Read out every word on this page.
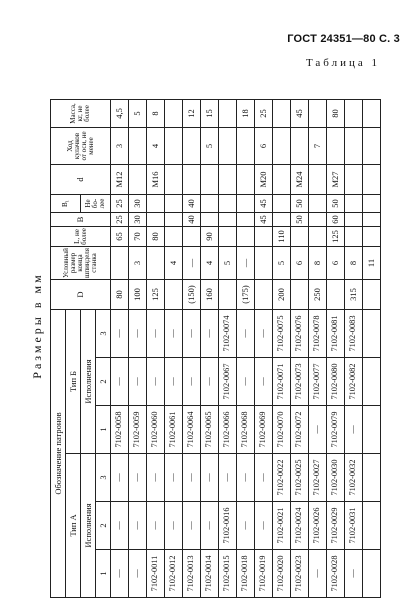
ГОСТ 24351—80 С. 3
Размеры в мм
Обозначение патронов						D	Условный размер конца шпинделя станка	L, не более	B	B₁	d	Ход кулачков от оси, не менее	Масса, кг, не более
Тип А			Тип Б										
Исполнения			Исполнения							Не бо-лее			
1	2	3	1	2	3								
—	—	—	7102-0058	—	—	80		65	25	25	M12	3	4,5
—	—	—	7102-0059	—	—	100	3	70	30	30			5
7102-0011	—	—	7102-0060	—	—	125		80			M16	4	8
7102-0012	—	—	7102-0061	—	—		4						
7102-0013	—	—	7102-0064	—	—	(150)	—		40	40			12
7102-0014	—	—	7102-0065	—	—	160	4	90				5	15
7102-0015	7102-0016	—	7102-0066	7102-0067	7102-0074		5						
7102-0018	—	—	7102-0068	—	—	(175)	—						18
7102-0019	—	—	7102-0069	—	—				45	45	M20	6	25
7102-0020	7102-0021	7102-0022	7102-0070	7102-0071	7102-0075	200	5	110					
7102-0023	7102-0024	7102-0025	7102-0072	7102-0073	7102-0076		6		50	50	M24		45
—	7102-0026	7102-0027	—	7102-0077	7102-0078	250	8					7	
7102-0028	7102-0029	7102-0030	7102-0079	7102-0080	7102-0081		6	125	60	50	M27		80
—	7102-0031	7102-0032	—	7102-0082	7102-0083	315	8						
							11						
Таблица 1
